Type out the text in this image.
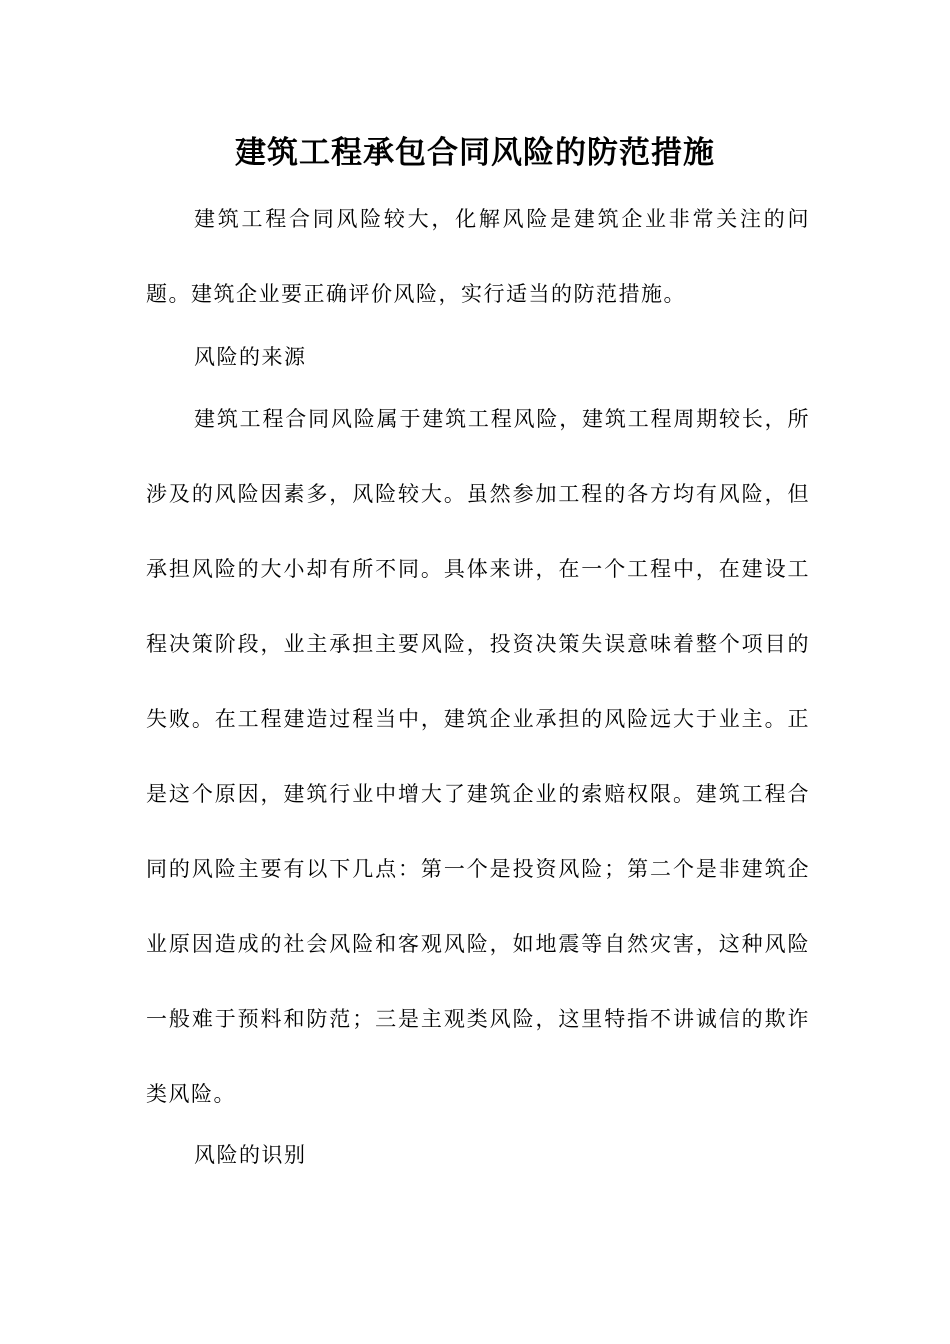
建筑工程承包合同风险的防范措施

建筑工程合同风险较大，化解风险是建筑企业非常关注的问题。建筑企业要正确评价风险，实行适当的防范措施。

风险的来源

建筑工程合同风险属于建筑工程风险，建筑工程周期较长，所涉及的风险因素多，风险较大。虽然参加工程的各方均有风险，但承担风险的大小却有所不同。具体来讲，在一个工程中，在建设工程决策阶段，业主承担主要风险，投资决策失误意味着整个项目的失败。在工程建造过程当中，建筑企业承担的风险远大于业主。正是这个原因，建筑行业中增大了建筑企业的索赔权限。建筑工程合同的风险主要有以下几点：第一个是投资风险；第二个是非建筑企业原因造成的社会风险和客观风险，如地震等自然灾害，这种风险一般难于预料和防范；三是主观类风险，这里特指不讲诚信的欺诈类风险。

风险的识别
